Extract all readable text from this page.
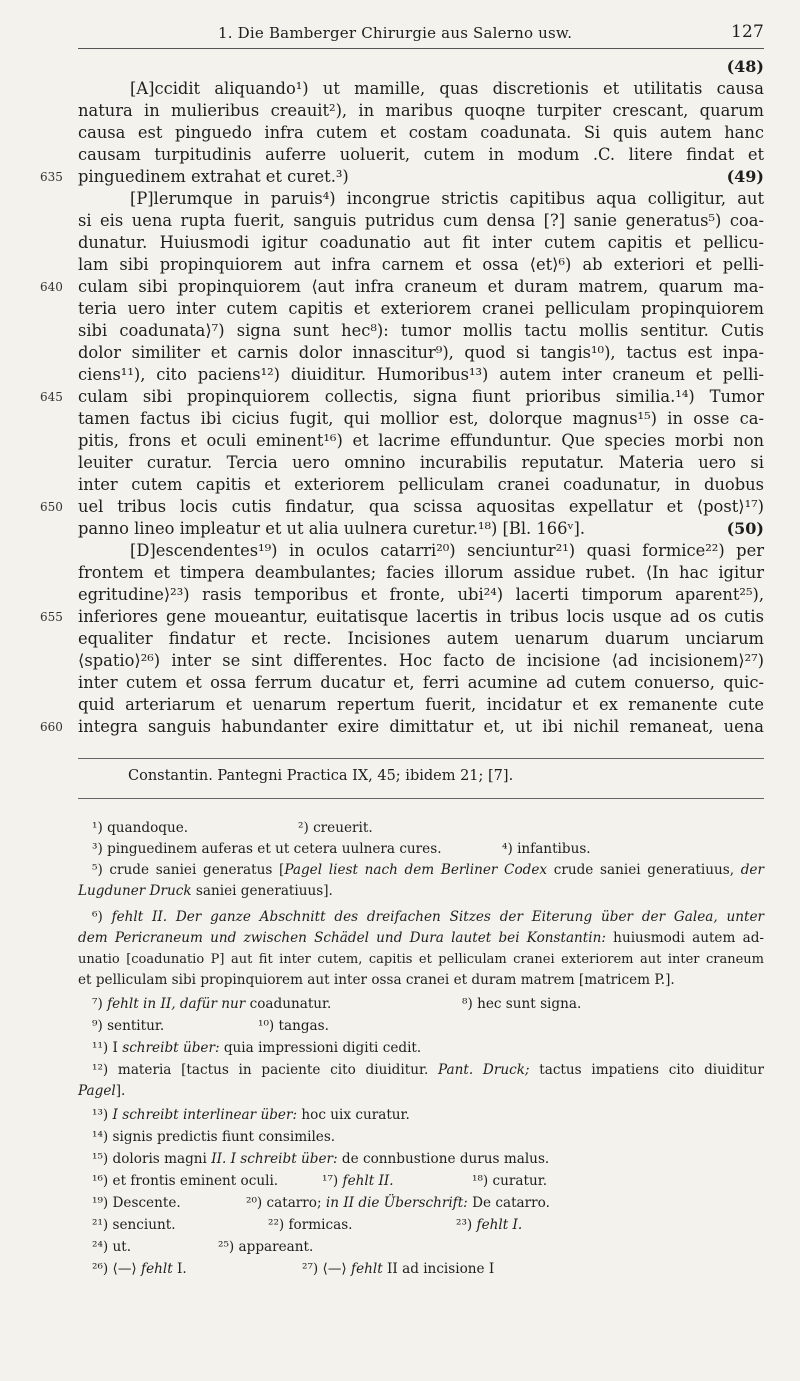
1. Die Bamberger Chirurgie aus Salerno usw.	127
(48)
[A]ccidit aliquando¹) ut mamille, quas discretionis et utilitatis causa
natura in mulieribus creauit²), in maribus quoqne turpiter crescant, quarum
causa est pinguedo infra cutem et costam coadunata. Si quis autem hanc
causam turpitudinis auferre uoluerit, cutem in modum .C. litere findat et
635 pinguedinem extrahat et curet.³)	(49)
[P]lerumque in paruis⁴) incongrue strictis capitibus aqua colligitur, aut
si eis uena rupta fuerit, sanguis putridus cum densa [?] sanie generatus⁵) coa-
dunatur. Huiusmodi igitur coadunatio aut fit inter cutem capitis et pellicu-
lam sibi propinquiorem aut infra carnem et ossa ⟨et⟩⁶) ab exteriori et pelli-
640 culam sibi propinquiorem ⟨aut infra craneum et duram matrem, quarum ma-
teria uero inter cutem capitis et exteriorem cranei pelliculam propinquiorem
sibi coadunata⟩⁷) signa sunt hec⁸): tumor mollis tactu mollis sentitur. Cutis
dolor similiter et carnis dolor innascitur⁹), quod si tangis¹⁰), tactus est inpa-
ciens¹¹), cito paciens¹²) diuiditur. Humoribus¹³) autem inter craneum et pelli-
645 culam sibi propinquiorem collectis, signa fiunt prioribus similia.¹⁴) Tumor
tamen factus ibi cicius fugit, qui mollior est, dolorque magnus¹⁵) in osse ca-
pitis, frons et oculi eminent¹⁶) et lacrime effunduntur. Que species morbi non
leuiter curatur. Tercia uero omnino incurabilis reputatur. Materia uero si
inter cutem capitis et exteriorem pelliculam cranei coadunatur, in duobus
650 uel tribus locis cutis findatur, qua scissa aquositas expellatur et ⟨post⟩¹⁷)
panno lineo impleatur et ut alia uulnera curetur.¹⁸) [Bl. 166ᵛ].	(50)
[D]escendentes¹⁹) in oculos catarri²⁰) senciuntur²¹) quasi formice²²) per
frontem et timpera deambulantes; facies illorum assidue rubet. ⟨In hac igitur
egritudine⟩²³) rasis temporibus et fronte, ubi²⁴) lacerti timporum aparent²⁵),
655 inferiores gene moueantur, euitatisque lacertis in tribus locis usque ad os cutis
equaliter findatur et recte. Incisiones autem uenarum duarum unciarum
⟨spatio⟩²⁶) inter se sint differentes. Hoc facto de incisione ⟨ad incisionem⟩²⁷)
inter cutem et ossa ferrum ducatur et, ferri acumine ad cutem conuerso, quic-
quid arteriarum et uenarum repertum fuerit, incidatur et ex remanente cute
660 integra sanguis habundanter exire dimittatur et, ut ibi nichil remaneat, uena
Constantin. Pantegni Practica IX, 45; ibidem 21; [7].
¹) quandoque.	²) creuerit.
³) pinguedinem auferas et ut cetera uulnera cures.	⁴) infantibus.
⁵) crude saniei generatus [Pagel liest nach dem Berliner Codex crude saniei generatiuus, der
Lugduner Druck saniei generatiuus].
⁶) fehlt II. Der ganze Abschnitt des dreifachen Sitzes der Eiterung über der Galea, unter
dem Pericraneum und zwischen Schädel und Dura lautet bei Konstantin: huiusmodi autem ad-
unatio [coadunatio P] aut fit inter cutem, capitis et pelliculam cranei exteriorem aut inter craneum
et pelliculam sibi propinquiorem aut inter ossa cranei et duram matrem [matricem P.].
⁷) fehlt in II, dafür nur coadunatur.	⁸) hec sunt signa.
⁹) sentitur.	¹⁰) tangas.
¹¹) I schreibt über: quia impressioni digiti cedit.
¹²) materia [tactus in paciente cito diuiditur. Pant. Druck; tactus impatiens cito diuiditur
Pagel].
¹³) I schreibt interlinear über: hoc uix curatur.
¹⁴) signis predictis fiunt consimiles.
¹⁵) doloris magni II. I schreibt über: de connbustione durus malus.
¹⁶) et frontis eminent oculi.	¹⁷) fehlt II.	¹⁸) curatur.
¹⁹) Descente.	²⁰) catarro; in II die Überschrift: De catarro.
²¹) senciunt.	²²) formicas.	²³) fehlt I.
²⁴) ut.	²⁵) appareant.
²⁶) ⟨—⟩ fehlt I.	²⁷) ⟨—⟩ fehlt II ad incisione I
